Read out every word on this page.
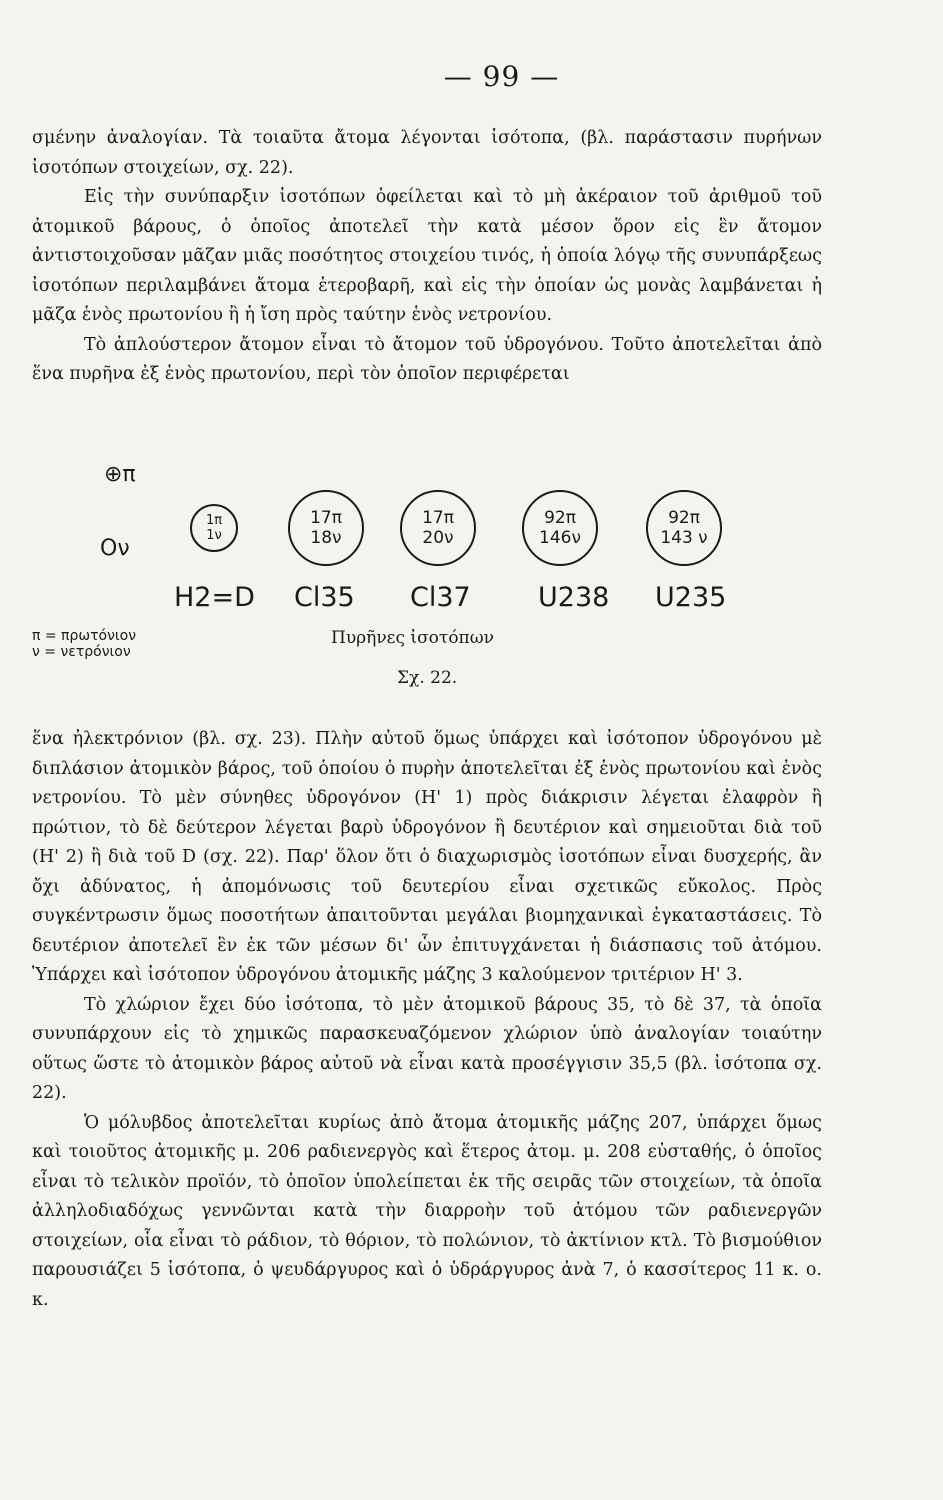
— 99 —

σμένην ἀναλογίαν. Τὰ τοιαῦτα ἄτομα λέγονται ἰσότοπα, (βλ. παράστασιν πυρήνων ἰσοτόπων στοιχείων, σχ. 22).

Εἰς τὴν συνύπαρξιν ἰσοτόπων ὀφείλεται καὶ τὸ μὴ ἀκέραιον τοῦ ἀριθμοῦ τοῦ ἀτομικοῦ βάρους, ὁ ὁποῖος ἀποτελεῖ τὴν κατὰ μέσον ὅρον εἰς ἓν ἄτομον ἀντιστοιχοῦσαν μᾶζαν μιᾶς ποσότητος στοιχείου τινός, ἡ ὁποία λόγῳ τῆς συνυπάρξεως ἰσοτόπων περιλαμβάνει ἄτομα ἑτεροβαρῆ, καὶ εἰς τὴν ὁποίαν ὡς μονὰς λαμβάνεται ἡ μᾶζα ἑνὸς πρωτονίου ἢ ἡ ἴση πρὸς ταύτην ἑνὸς νετρονίου.

Τὸ ἁπλούστερον ἄτομον εἶναι τὸ ἄτομον τοῦ ὑδρογόνου. Τοῦτο ἀποτελεῖται ἀπὸ ἕνα πυρῆνα ἐξ ἑνὸς πρωτονίου, περὶ τὸν ὁποῖον περιφέρεται

⊕π
Ον
1π
1ν
17π
18ν
17π
20ν
92π
146ν
92π
143 ν
H2=D Cl35 Cl37 U238 U235
π = πρωτόνιον
ν = νετρόνιον
Πυρῆνες ἰσοτόπων
Σχ. 22.

ἕνα ἠλεκτρόνιον (βλ. σχ. 23). Πλὴν αὐτοῦ ὅμως ὑπάρχει καὶ ἰσότοπον ὑδρογόνου μὲ διπλάσιον ἀτομικὸν βάρος, τοῦ ὁποίου ὁ πυρὴν ἀποτελεῖται ἐξ ἑνὸς πρωτονίου καὶ ἑνὸς νετρονίου. Τὸ μὲν σύνηθες ὑδρογόνον (Η' 1) πρὸς διάκρισιν λέγεται ἐλαφρὸν ἢ πρώτιον, τὸ δὲ δεύτερον λέγεται βαρὺ ὑδρογόνον ἢ δευτέριον καὶ σημειοῦται διὰ τοῦ (Η' 2) ἢ διὰ τοῦ D (σχ. 22). Παρ' ὅλον ὅτι ὁ διαχωρισμὸς ἰσοτόπων εἶναι δυσχερής, ἂν ὄχι ἀδύνατος, ἡ ἀπομόνωσις τοῦ δευτερίου εἶναι σχετικῶς εὔκολος. Πρὸς συγκέντρωσιν ὅμως ποσοτήτων ἀπαιτοῦνται μεγάλαι βιομηχανικαὶ ἐγκαταστάσεις. Τὸ δευτέριον ἀποτελεῖ ἓν ἐκ τῶν μέσων δι' ὧν ἐπιτυγχάνεται ἡ διάσπασις τοῦ ἀτόμου. Ὑπάρχει καὶ ἰσότοπον ὑδρογόνου ἀτομικῆς μάζης 3 καλούμενον τριτέριον Η' 3.

Τὸ χλώριον ἔχει δύο ἰσότοπα, τὸ μὲν ἀτομικοῦ βάρους 35, τὸ δὲ 37, τὰ ὁποῖα συνυπάρχουν εἰς τὸ χημικῶς παρασκευαζόμενον χλώριον ὑπὸ ἀναλογίαν τοιαύτην οὕτως ὥστε τὸ ἀτομικὸν βάρος αὐτοῦ νὰ εἶναι κατὰ προσέγγισιν 35,5 (βλ. ἰσότοπα σχ. 22).

Ὁ μόλυβδος ἀποτελεῖται κυρίως ἀπὸ ἄτομα ἀτομικῆς μάζης 207, ὑπάρχει ὅμως καὶ τοιοῦτος ἀτομικῆς μ. 206 ραδιενεργὸς καὶ ἕτερος ἀτομ. μ. 208 εὐσταθής, ὁ ὁποῖος εἶναι τὸ τελικὸν προϊόν, τὸ ὁποῖον ὑπολείπεται ἐκ τῆς σειρᾶς τῶν στοιχείων, τὰ ὁποῖα ἀλληλοδιαδόχως γεννῶνται κατὰ τὴν διαρροὴν τοῦ ἀτόμου τῶν ραδιενεργῶν στοιχείων, οἷα εἶναι τὸ ράδιον, τὸ θόριον, τὸ πολώνιον, τὸ ἀκτίνιον κτλ. Τὸ βισμούθιον παρουσιάζει 5 ἰσότοπα, ὁ ψευδάργυρος καὶ ὁ ὑδράργυρος ἀνὰ 7, ὁ κασσίτερος 11 κ. ο. κ.
